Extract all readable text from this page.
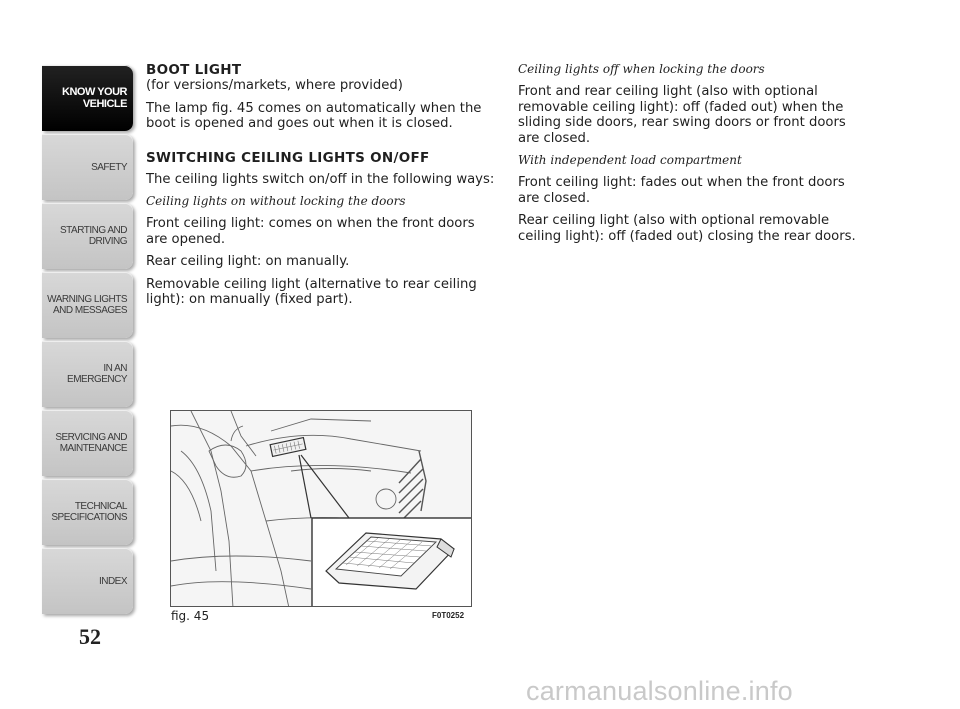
KNOW YOUR
VEHICLE
SAFETY
STARTING AND
DRIVING
WARNING LIGHTS
AND MESSAGES
IN AN EMERGENCY
SERVICING AND
MAINTENANCE
TECHNICAL
SPECIFICATIONS
INDEX
52
BOOT LIGHT

(for versions/markets, where provided)

The lamp fig. 45 comes on automatically when the boot is opened and goes out when it is closed.

SWITCHING CEILING LIGHTS ON/OFF

The ceiling lights switch on/off in the following ways:

Ceiling lights on without locking the doors

Front ceiling light: comes on when the front doors are opened.

Rear ceiling light: on manually.

Removable ceiling light (alternative to rear ceiling light): on manually (fixed part).

Ceiling lights off when locking the doors

Front and rear ceiling light (also with optional removable ceiling light): off (faded out) when the sliding side doors, rear swing doors or front doors are closed.

With independent load compartment

Front ceiling light: fades out when the front doors are closed.

Rear ceiling light (also with optional removable ceiling light): off (faded out) closing the rear doors.

fig. 45	F0T0252
carmanualsonline.info
